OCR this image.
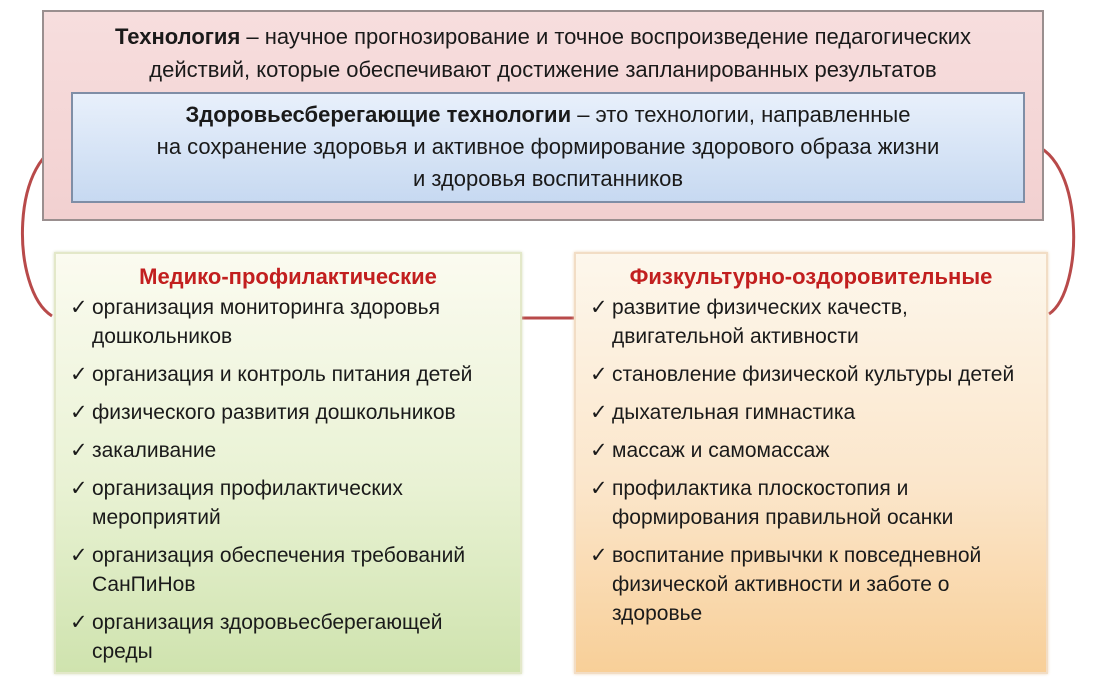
Технология – научное прогнозирование и точное воспроизведение педагогических
действий, которые обеспечивают достижение запланированных результатов
Здоровьесберегающие технологии – это технологии, направленные
на сохранение здоровья и активное формирование здорового образа жизни
и здоровья воспитанников
Медико-профилактические
✓ организация мониторинга здоровья дошкольников
✓ организация и контроль питания детей
✓ физического развития дошкольников
✓ закаливание
✓ организация профилактических мероприятий
✓ организация обеспечения требований СанПиНов
✓ организация здоровьесберегающей среды
Физкультурно-оздоровительные
✓ развитие физических качеств, двигательной активности
✓ становление физической культуры детей
✓ дыхательная гимнастика
✓ массаж и самомассаж
✓ профилактика плоскостопия и формирования правильной осанки
✓ воспитание привычки к повседневной физической активности и заботе о здоровье
